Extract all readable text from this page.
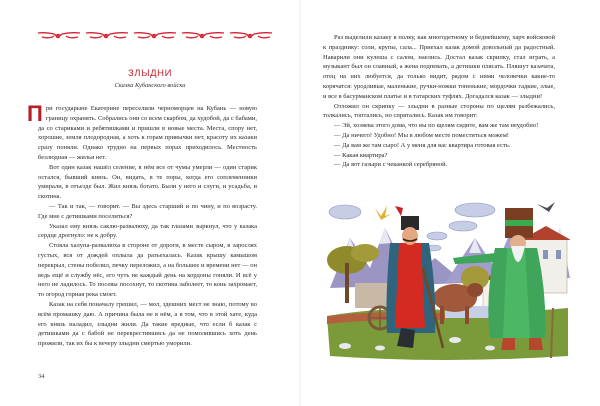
ЗЛЫДНИ
Сказка Кубанского войска

При государыне Екатерине переселили черноморцев на Кубань — новую границу охранять. Собрались они со всем скарбом, да худобой, да с бабами, да со стариками и ребятишками и пришли в новые места. Места, спору нет, хорошие, земля плодородная, а хоть к горам привычки нет, красоту их казаки сразу поняли. Однако трудно на первых порах приходилось. Местность безлюдная — жилья нет.

Вот один казак нашёл селение, в нём все от чумы умерли — один старик остался, бывший князь. Он, видать, в те поры, когда его соплеменники умирали, в отъезде был. Жил князь богато. Были у него и слуги, и усадьба, и скотина.

— Так и так, — говорит. — Вы здесь старший и по чину, и по возрасту. Где мне с детишками поселиться?

Указал ему князь саклю-развалюху, да так глазами зыркнул, что у казака сердце дрогнуло: не к добру.

Стояла халупа-развалюха в стороне от дороги, в месте сыром, в зарослях густых, вся от дождей оплыла да разъехалась. Казак крышу камышом перекрыл, стены побелил, печку переложил, а на большее и времени нет — он ведь ещё и службу нёс, его чуть не каждый день на кордоны гоняли. И всё у него не ладилось. То посевы посохнут, то скотина заболеет, то конь захромает, то огород горная река смоет.

Казак на себя поначалу грешил, — мол, здешних мест не знаю, потому во всём промашку даю. А причина была не в нём, а в том, что в этой хате, куда его князь наладил, злыдни жили. Да такие вредные, что если б казак с детишками да с бабой не перекрестившись да не помолившись хоть день прожили, так их бы к вечеру злыдни смертью уморили.

34

Раз выделили казаку в полку, как многодетному и беднейшему, харч войсковой к празднику: соли, крупы, сала... Приехал казак домой довольный да радостный. Наварили они кулеша с салом, наелись. Достал казак скрипку, стал играть, а музыкант был он славный, а жена подпевать, а детишки плясать. Пляшут казачата, отец на них любуется, да только видит, рядом с ними человечки какие-то корячатся: уродливые, маленькие, ручки-ножки тоненькие, мордочки гадкие, злые, и все в басурманском платье и в татарских туфлях. Догадался казак — злыдни!

Отложил он скрипку — злыдни в разные стороны по щелям разбежались, толкались, топтались, но спрятались. Казак им говорит:

— Эй, хозяева этого дома, что вы по щелям сидите, вам же там неудобно!

— Да ничего! Удобно! Мы в любом месте поместиться можем!

— Да вам же там сыро! А у меня для вас квартира готовая есть.

— Какая квартира?

— Да вот газыри с чеканкой серебряной.
